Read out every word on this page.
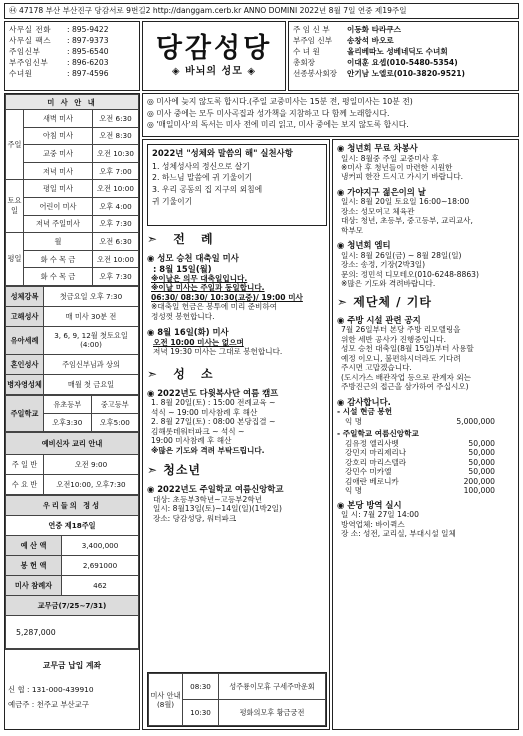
㊹ 47178 부산 부산진구 당감서로 9번길2 http://danggam.cerb.kr ANNO DOMINI 2022년 8월 7일 연중 제19주일
사무실 전화	: 895-9422
사무실 팩스	: 897-9373
주임신부	: 895-6540
부주임신부	: 896-6203
수녀원	: 897-4596
당감성당
◈ 바뇌의 성모 ◈
주 임 신 부	이동화 타라쿠스
부주임 신부	송창석 바오로
수 녀 원	올리베따노 성베네딕도 수녀회
총회장	이대훈 요셉(010-5480-5354)
선종봉사회장	안기남 노엘로(010-3820-9521)
미 사 안 내		
주일	새벽 미사	오전 6:30
	아침 미사	오전 8:30
	교중 미사	오전 10:30
	저녁 미사	오후 7:00
토요일	평일 미사	오전 10:00
	어린이 미사	오후 4:00
	저녁 주일미사	오후 7:30
평일	월	오전 6:30
	화 수 목 금	오전 10:00
	화 수 목 금	오후 7:30
성체강복	첫금요일 오후 7:30
고해성사	매 미사 30분 전
유아세례	3, 6, 9, 12월 첫토요일(4:00)
혼인성사	주임신부님과 상의
병자영성체	매월 첫 금요일
주일학교	유초등부	중고등부
	오후3:30	오후5:00
예비신자 교리 안내	
주 일 반	오전 9:00
수 요 반	오전10:00, 오후7:30
우리들의 정성	
연중 제18주일	
예 산 액	3,400,000
봉 헌 액	2,691000
미사 참례자	462
교무금(7/25~7/31)	
5,287,000	
교무금 납입 계좌
신 협 : 131-000-439910
예금주 : 천주교 부산교구

◎ 미사에 늦지 않도록 합시다.(주일 교중미사는 15분 전, 평일미사는 10분 전)

◎ 미사 중에는 모두 미사곡집과 성가책을 지참하고 다 함께 노래합시다.

◎ '매일미사'의 독서는 미사 전에 미리 읽고, 미사 중에는 보지 않도록 합시다.

2022년 "성체와 말씀의 해" 실천사항
1. 성체성사의 정신으로 살기
2. 하느님 말씀에 귀 기울이기
3. 우리 공동의 집 지구의 외침에
귀 기울이기
➣ 전 례
◉ 성모 승천 대축일 미사
: 8월 15일(월)
※이날은 의무 대축일입니다.
※이날 미사는 주일과 동일합니다.
06:30/ 08:30/ 10:30(교중)/ 19:00 미사
※대축일 헌금은 봉투에 미리 준비하여
정성껏 봉헌합니다.
◉ 8월 16일(화) 미사
오전 10:00 미사는 없으며
저녁 19:30 미사는 그대로 봉헌합니다.
➣ 성 소
◉ 2022년도 다윗복사단 여름 캠프
1. 8월 20일(토) : 15:00 전례교육 ~
석식 ~ 19:00 미사참례 후 해산
2. 8월 27일(토) : 08:00 본당집결 ~
김해롯데워터파크 ~ 석식 ~
19:00 미사참례 후 해산
※많은 기도와 격려 부탁드립니다.
➣ 청소년
◉ 2022년도 주일학교 여름신앙학교
대상: 초등부3학년~고등부2학년
일시: 8월13일(토)~14일(일)(1박2일)
장소: 당감성당, 워터파크
미사 안내 (8월)	08:30	성주룡이모휴 구세주마운회
	10:30	평화의모후 황금궁전
◉ 청년회 무료 차봉사
일시: 8월중 주일 교중미사 후
※미사 후 청년들이 마련한 시원한
냉커피 한잔 드시고 가시기 바랍니다.
◉ 가야지구 젊은이의 날
일시: 8월 20일 토요일 16:00~18:00
장소: 성모여고 체육관
대상: 청년, 초등부, 중고등부, 교리교사,
학부모
◉ 청년회 엠티
일시: 8월 26일(금) ~ 8월 28일(일)
장소: 송정, 기장(2박3일)
문의: 정민석 디모테오(010-6248-8863)
※많은 기도와 격려바랍니다.
➣ 제단체 / 기타
◉ 주방 시설 관련 공지
7월 26일부터 본당 주방 리모델링을
위한 세반 공사가 진행중입니다.
성모 승천 대축일(8월 15일)부터 사용할
예정 이오니, 불편하시더라도 기다려
주시면 고맙겠습니다.
(도시가스 배관작업 등으로 관계자 외는
주방진근의 접근을 삼가하여 주십시오)
◉ 감사합니다.
- 시설 현금 봉헌
익 명	5,000,000
- 주일학교 여름신앙학교
김유정 엘리사벳	50,000
강민지 마리제리나	50,000
강호리 마리스텔라	50,000
강민수 미카엘	50,000
김애란 베로니카	200,000
익 명	100,000
◉ 본당 방역 실시
일 시: 7월 27일 14:00
방역업체: 바이퀵스
장 소: 성전, 교리실, 부대시설 일체
